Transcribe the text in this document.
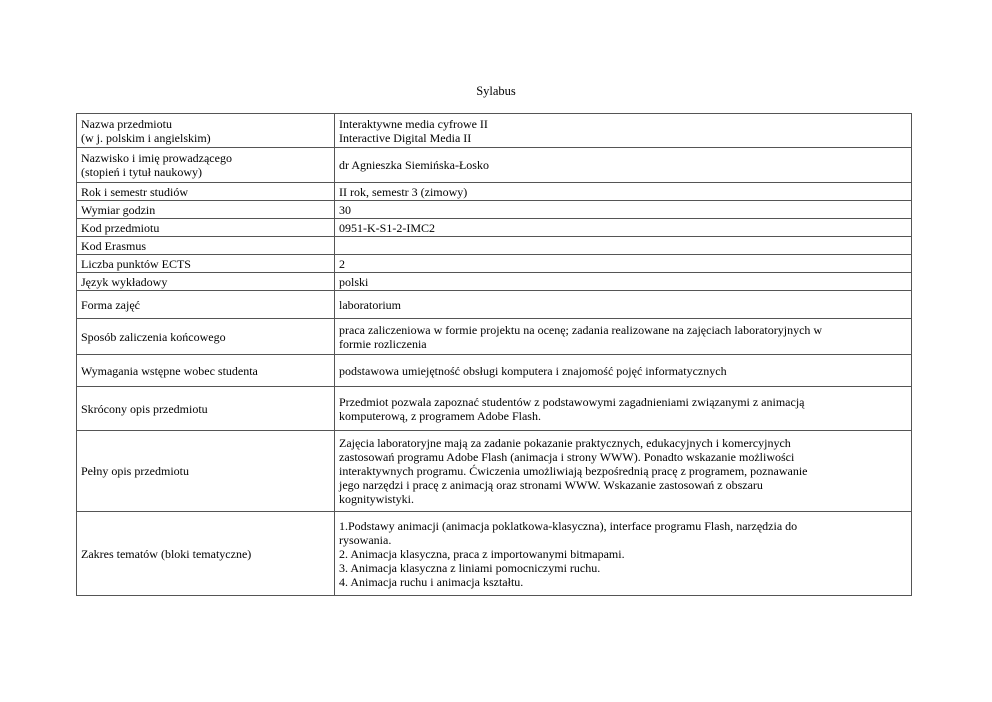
Sylabus
Nazwa przedmiotu
(w j. polskim i angielskim)	Interaktywne media cyfrowe II
Interactive Digital Media II

Nazwisko i imię prowadzącego
(stopień i tytuł naukowy)	dr Agnieszka Siemińska-Łosko

Rok i semestr studiów	II rok, semestr 3 (zimowy)

Wymiar godzin	30

Kod przedmiotu	0951-K-S1-2-IMC2

Kod Erasmus	

Liczba punktów ECTS	2

Język wykładowy	polski

Forma zajęć	laboratorium

Sposób zaliczenia końcowego	praca zaliczeniowa w formie projektu na ocenę; zadania realizowane na zajęciach laboratoryjnych w
formie rozliczenia

Wymagania wstępne wobec studenta	podstawowa umiejętność obsługi komputera i znajomość pojęć informatycznych

Skrócony opis przedmiotu	Przedmiot pozwala zapoznać studentów z podstawowymi zagadnieniami związanymi z animacją
komputerową, z programem Adobe Flash.

Pełny opis przedmiotu	Zajęcia laboratoryjne mają za zadanie pokazanie praktycznych, edukacyjnych i komercyjnych
zastosowań programu Adobe Flash (animacja i strony WWW). Ponadto wskazanie możliwości
interaktywnych programu. Ćwiczenia umożliwiają bezpośrednią pracę z programem, poznawanie
jego narzędzi i pracę z animacją oraz stronami WWW. Wskazanie zastosowań z obszaru
kognitywistyki.

Zakres tematów (bloki tematyczne)	1.Podstawy animacji (animacja poklatkowa-klasyczna), interface programu Flash, narzędzia do
rysowania.
2. Animacja klasyczna, praca z importowanymi bitmapami.
3. Animacja klasyczna z liniami pomocniczymi ruchu.
4. Animacja ruchu i animacja kształtu.
